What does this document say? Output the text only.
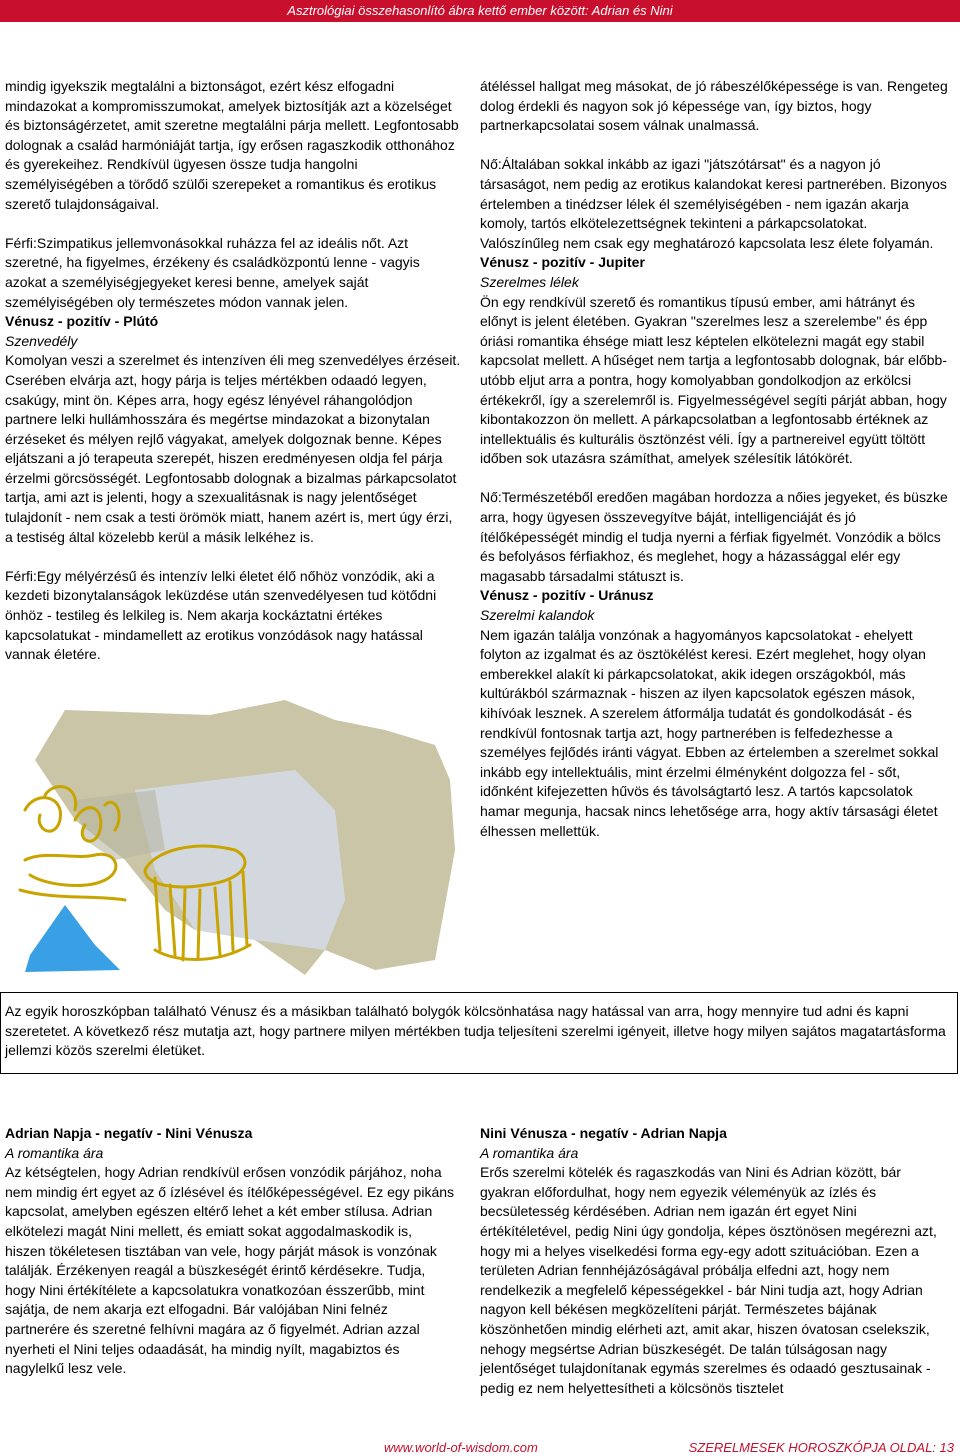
Asztrológiai összehasonlító ábra kettő ember között: Adrian és Nini

mindig igyekszik megtalálni a biztonságot, ezért kész elfogadni mindazokat a kompromisszumokat, amelyek biztosítják azt a közelséget és biztonságérzetet, amit szeretne megtalálni párja mellett. Legfontosabb dolognak a család harmóniáját tartja, így erősen ragaszkodik otthonához és gyerekeihez. Rendkívül ügyesen össze tudja hangolni személyiségében a törődő szülői szerepeket a romantikus és erotikus szerető tulajdonságaival.

Férfi:Szimpatikus jellemvonásokkal ruházza fel az ideális nőt. Azt szeretné, ha figyelmes, érzékeny és családközpontú lenne - vagyis azokat a személyiségjegyeket keresi benne, amelyek saját személyiségében oly természetes módon vannak jelen.

Vénusz - pozitív - Plútó

Szenvedély

Komolyan veszi a szerelmet és intenzíven éli meg szenvedélyes érzéseit. Cserében elvárja azt, hogy párja is teljes mértékben odaadó legyen, csakúgy, mint ön. Képes arra, hogy egész lényével ráhangolódjon partnere lelki hullámhosszára és megértse mindazokat a bizonytalan érzéseket és mélyen rejlő vágyakat, amelyek dolgoznak benne. Képes eljátszani a jó terapeuta szerepét, hiszen eredményesen oldja fel párja érzelmi görcsösségét. Legfontosabb dolognak a bizalmas párkapcsolatot tartja, ami azt is jelenti, hogy a szexualitásnak is nagy jelentőséget tulajdonít - nem csak a testi örömök miatt, hanem azért is, mert úgy érzi, a testiség által közelebb kerül a másik lelkéhez is.

Férfi:Egy mélyérzésű és intenzív lelki életet élő nőhöz vonzódik, aki a kezdeti bizonytalanságok leküzdése után szenvedélyesen tud kötődni önhöz - testileg és lelkileg is. Nem akarja kockáztatni értékes kapcsolatukat - mindamellett az erotikus vonzódások nagy hatással vannak életére.

átéléssel hallgat meg másokat, de jó rábeszélőképessége is van. Rengeteg dolog érdekli és nagyon sok jó képessége van, így biztos, hogy partnerkapcsolatai sosem válnak unalmassá.

Nő:Általában sokkal inkább az igazi "játszótársat" és a nagyon jó társaságot, nem pedig az erotikus kalandokat keresi partnerében. Bizonyos értelemben a tinédzser lélek él személyiségében - nem igazán akarja komoly, tartós elkötelezettségnek tekinteni a párkapcsolatokat. Valószínűleg nem csak egy meghatározó kapcsolata lesz élete folyamán.

Vénusz - pozitív - Jupiter

Szerelmes lélek

Ön egy rendkívül szerető és romantikus típusú ember, ami hátrányt és előnyt is jelent életében. Gyakran "szerelmes lesz a szerelembe" és épp óriási romantika éhsége miatt lesz képtelen elkötelezni magát egy stabil kapcsolat mellett. A hűséget nem tartja a legfontosabb dolognak, bár előbb-utóbb eljut arra a pontra, hogy komolyabban gondolkodjon az erkölcsi értékekről, így a szerelemről is. Figyelmességével segíti párját abban, hogy kibontakozzon ön mellett. A párkapcsolatban a legfontosabb értéknek az intellektuális és kulturális ösztönzést véli. Így a partnereivel együtt töltött időben sok utazásra számíthat, amelyek szélesítik látókörét.

Nő:Természetéből eredően magában hordozza a nőies jegyeket, és büszke arra, hogy ügyesen összevegyítve báját, intelligenciáját és jó ítélőképességét mindig el tudja nyerni a férfiak figyelmét. Vonzódik a bölcs és befolyásos férfiakhoz, és meglehet, hogy a házassággal elér egy magasabb társadalmi státuszt is.

Vénusz - pozitív - Uránusz

Szerelmi kalandok

Nem igazán találja vonzónak a hagyományos kapcsolatokat - ehelyett folyton az izgalmat és az ösztökélést keresi. Ezért meglehet, hogy olyan emberekkel alakít ki párkapcsolatokat, akik idegen országokból, más kultúrákból származnak - hiszen az ilyen kapcsolatok egészen mások, kihívóak lesznek. A szerelem átformálja tudatát és gondolkodását - és rendkívül fontosnak tartja azt, hogy partnerében is felfedezhesse a személyes fejlődés iránti vágyat. Ebben az értelemben a szerelmet sokkal inkább egy intellektuális, mint érzelmi élményként dolgozza fel - sőt, időnként kifejezetten hűvös és távolságtartó lesz. A tartós kapcsolatok hamar megunja, hacsak nincs lehetősége arra, hogy aktív társasági életet élhessen mellettük.

Az egyik horoszkópban található Vénusz és a másikban található bolygók kölcsönhatása nagy hatással van arra, hogy mennyire tud adni és kapni szeretetet. A következő rész mutatja azt, hogy partnere milyen mértékben tudja teljesíteni szerelmi igényeit, illetve hogy milyen sajátos magatartásforma jellemzi közös szerelmi életüket.

Adrian Napja - negatív - Nini Vénusza

A romantika ára

Az kétségtelen, hogy Adrian rendkívül erősen vonzódik párjához, noha nem mindig ért egyet az ő ízlésével és ítélőképességével. Ez egy pikáns kapcsolat, amelyben egészen eltérő lehet a két ember stílusa. Adrian elkötelezi magát Nini mellett, és emiatt sokat aggodalmaskodik is, hiszen tökéletesen tisztában van vele, hogy párját mások is vonzónak találják. Érzékenyen reagál a büszkeségét érintő kérdésekre. Tudja, hogy Nini értékítélete a kapcsolatukra vonatkozóan ésszerűbb, mint sajátja, de nem akarja ezt elfogadni. Bár valójában Nini felnéz partnerére és szeretné felhívni magára az ő figyelmét. Adrian azzal nyerheti el Nini teljes odaadását, ha mindig nyílt, magabiztos és nagylelkű lesz vele.

Nini Vénusza - negatív - Adrian Napja

A romantika ára

Erős szerelmi kötelék és ragaszkodás van Nini és Adrian között, bár gyakran előfordulhat, hogy nem egyezik véleményük az ízlés és becsületesség kérdésében. Adrian nem igazán ért egyet Nini értékítéletével, pedig Nini úgy gondolja, képes ösztönösen megérezni azt, hogy mi a helyes viselkedési forma egy-egy adott szituációban. Ezen a területen Adrian fennhéjázóságával próbálja elfedni azt, hogy nem rendelkezik a megfelelő képességekkel - bár Nini tudja azt, hogy Adrian nagyon kell békésen megközelíteni párját. Természetes bájának köszönhetően mindig elérheti azt, amit akar, hiszen óvatosan cselekszik, nehogy megsértse Adrian büszkeségét. De talán túlságosan nagy jelentőséget tulajdonítanak egymás szerelmes és odaadó gesztusainak - pedig ez nem helyettesítheti a kölcsönös tisztelet

www.world-of-wisdom.com	SZERELMESEK HOROSZKÓPJA OLDAL: 13
